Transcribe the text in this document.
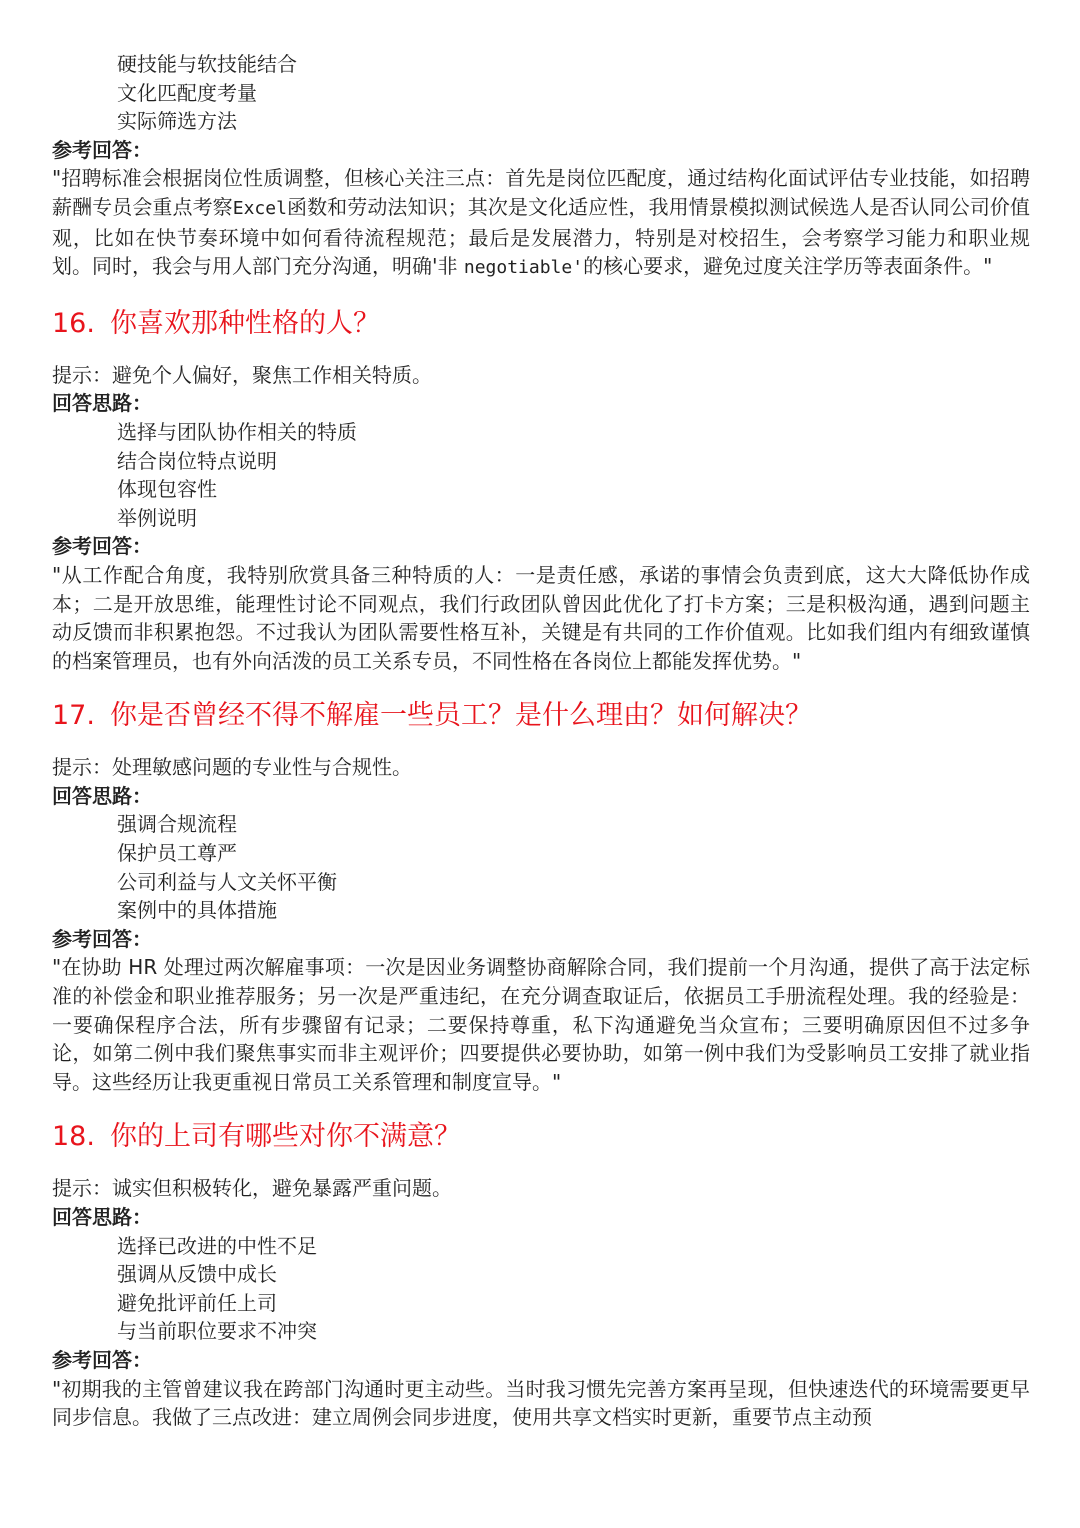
硬技能与软技能结合

文化匹配度考量

实际筛选方法

参考回答：

"招聘标准会根据岗位性质调整，但核心关注三点：首先是岗位匹配度，通过结构化面试评估专业技能，如招聘薪酬专员会重点考察Excel函数和劳动法知识；其次是文化适应性，我用情景模拟测试候选人是否认同公司价值观，比如在快节奏环境中如何看待流程规范；最后是发展潜力，特别是对校招生，会考察学习能力和职业规划。同时，我会与用人部门充分沟通，明确'非 negotiable'的核心要求，避免过度关注学历等表面条件。"

16. 你喜欢那种性格的人？

提示：避免个人偏好，聚焦工作相关特质。

回答思路：

选择与团队协作相关的特质

结合岗位特点说明

体现包容性

举例说明

参考回答：

"从工作配合角度，我特别欣赏具备三种特质的人：一是责任感，承诺的事情会负责到底，这大大降低协作成本；二是开放思维，能理性讨论不同观点，我们行政团队曾因此优化了打卡方案；三是积极沟通，遇到问题主动反馈而非积累抱怨。不过我认为团队需要性格互补，关键是有共同的工作价值观。比如我们组内有细致谨慎的档案管理员，也有外向活泼的员工关系专员，不同性格在各岗位上都能发挥优势。"

17. 你是否曾经不得不解雇一些员工？是什么理由？如何解决？

提示：处理敏感问题的专业性与合规性。

回答思路：

强调合规流程

保护员工尊严

公司利益与人文关怀平衡

案例中的具体措施

参考回答：

"在协助 HR 处理过两次解雇事项：一次是因业务调整协商解除合同，我们提前一个月沟通，提供了高于法定标准的补偿金和职业推荐服务；另一次是严重违纪，在充分调查取证后，依据员工手册流程处理。我的经验是：一要确保程序合法，所有步骤留有记录；二要保持尊重，私下沟通避免当众宣布；三要明确原因但不过多争论，如第二例中我们聚焦事实而非主观评价；四要提供必要协助，如第一例中我们为受影响员工安排了就业指导。这些经历让我更重视日常员工关系管理和制度宣导。"

18. 你的上司有哪些对你不满意？

提示：诚实但积极转化，避免暴露严重问题。

回答思路：

选择已改进的中性不足

强调从反馈中成长

避免批评前任上司

与当前职位要求不冲突

参考回答：

"初期我的主管曾建议我在跨部门沟通时更主动些。当时我习惯先完善方案再呈现，但快速迭代的环境需要更早同步信息。我做了三点改进：建立周例会同步进度，使用共享文档实时更新，重要节点主动预
